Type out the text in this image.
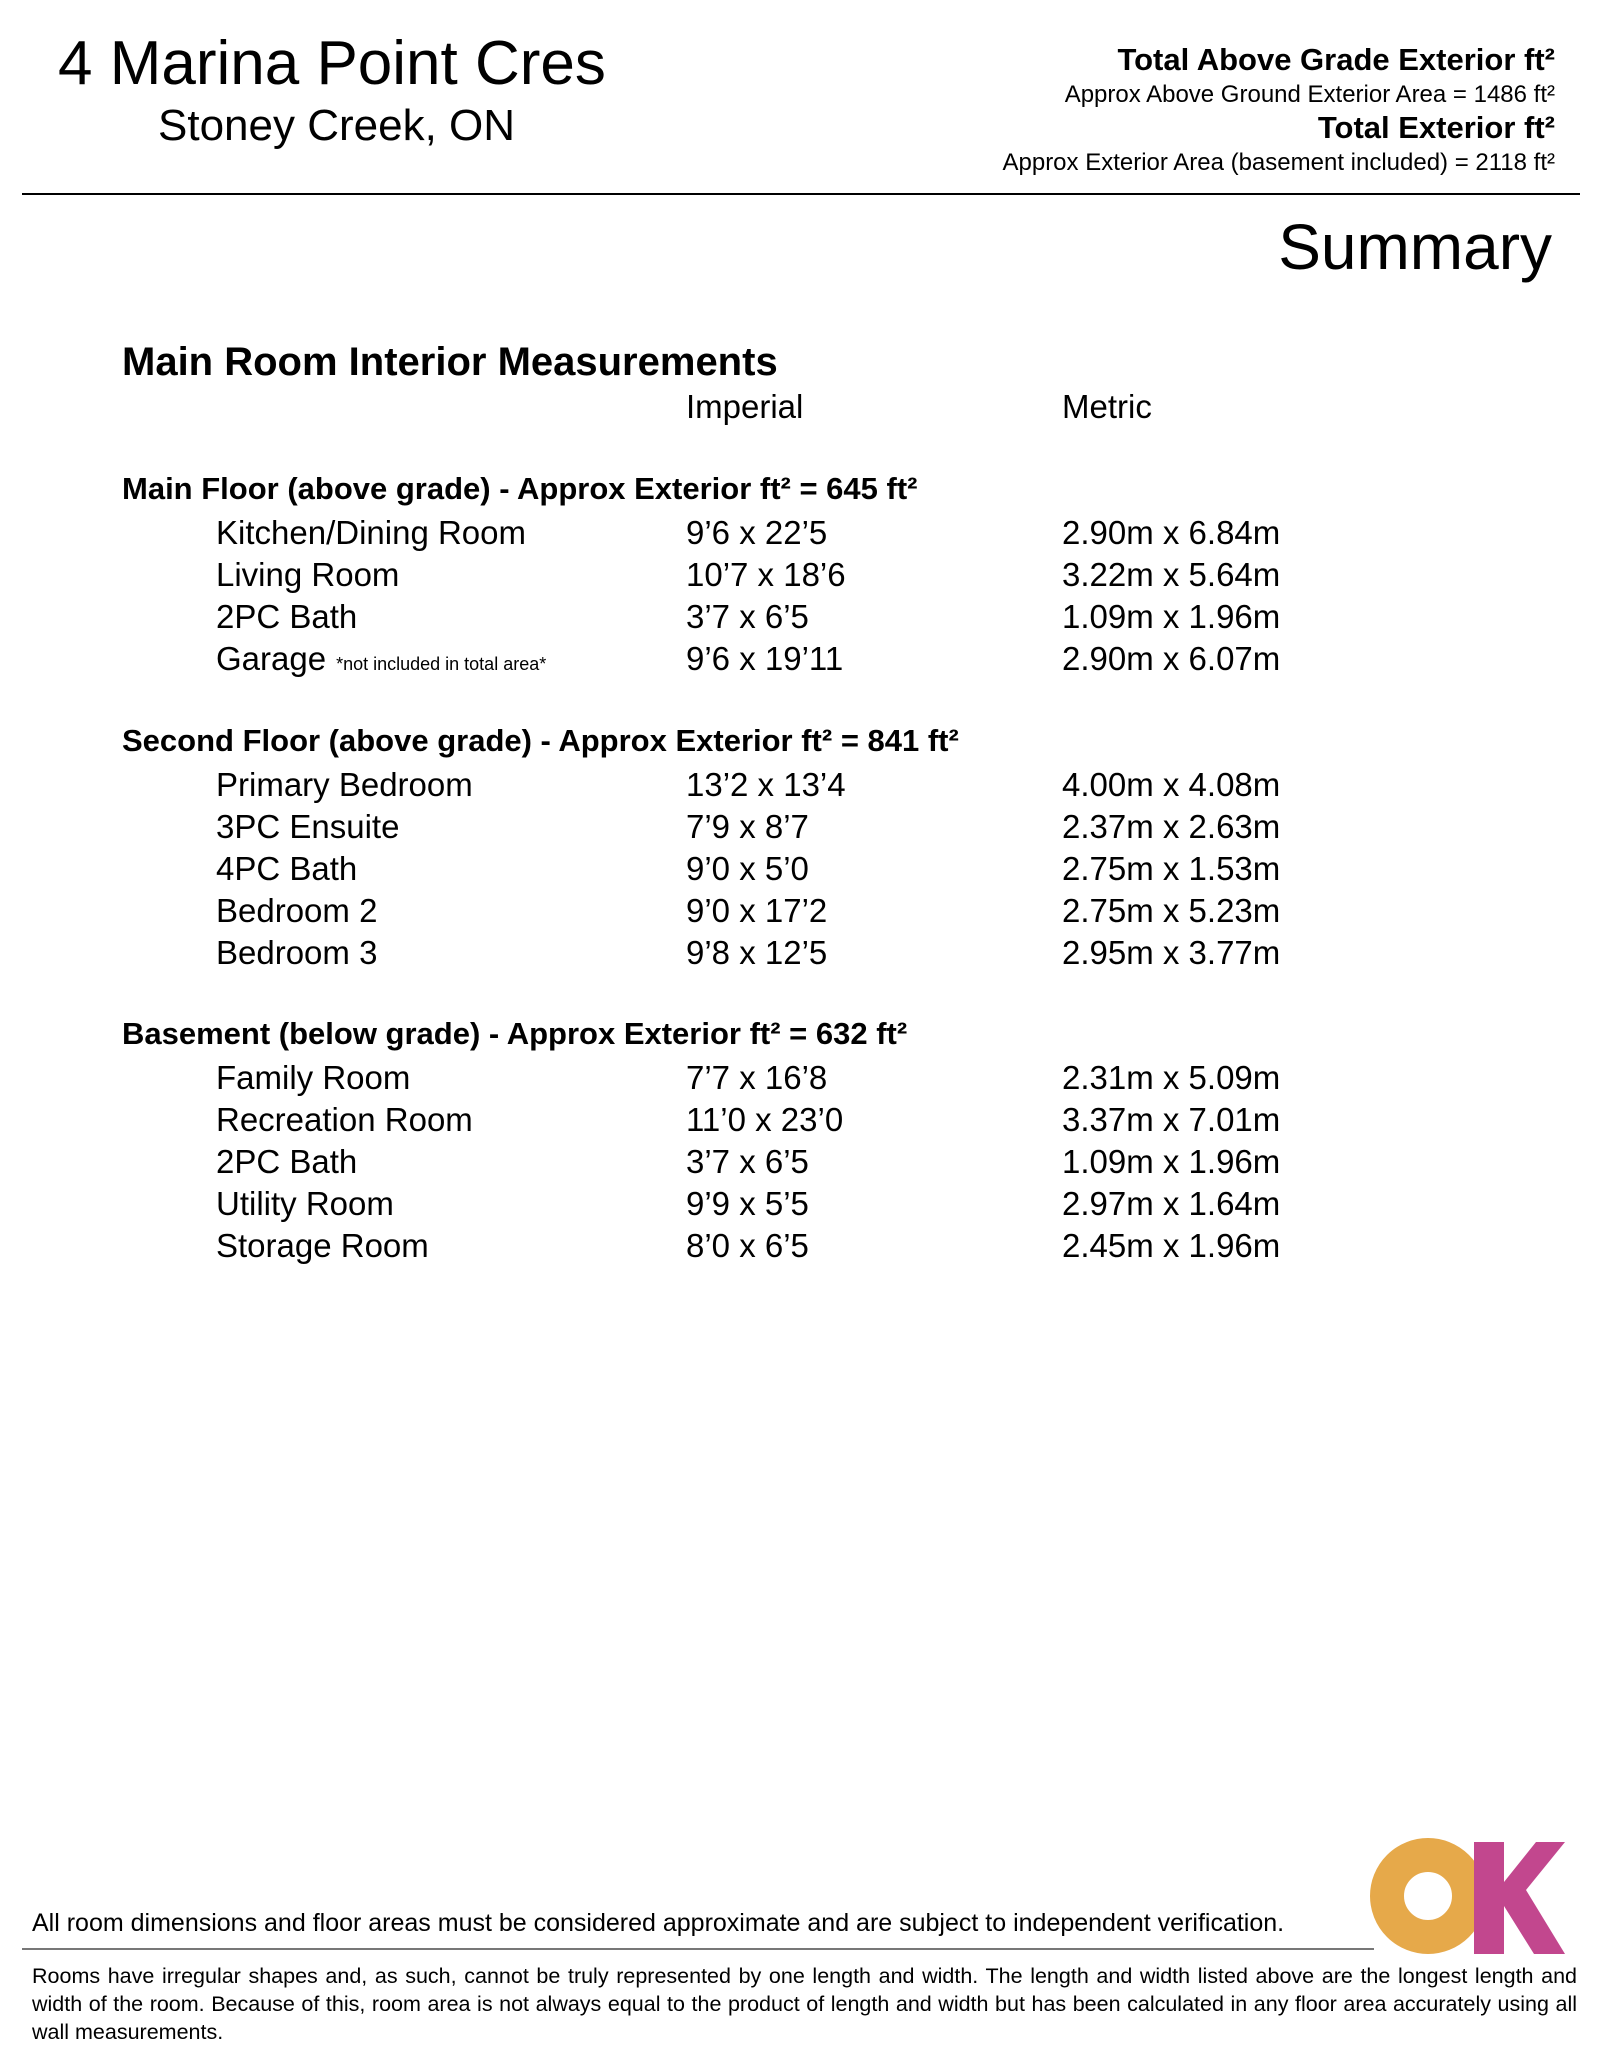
4 Marina Point Cres
Stoney Creek, ON
Total Above Grade Exterior ft²
Approx Above Ground Exterior Area = 1486 ft²
Total Exterior ft²
Approx Exterior Area (basement included) = 2118 ft²
Summary
Main Room Interior Measurements
Imperial	Metric
Main Floor (above grade) - Approx Exterior ft² = 645 ft²
Kitchen/Dining Room	9’6 x 22’5	2.90m x 6.84m
Living Room	10’7 x 18’6	3.22m x 5.64m
2PC Bath	3’7 x 6’5	1.09m x 1.96m
Garage *not included in total area*	9’6 x 19’11	2.90m x 6.07m
Second Floor (above grade) - Approx Exterior ft² = 841 ft²
Primary Bedroom	13’2 x 13’4	4.00m x 4.08m
3PC Ensuite	7’9 x 8’7	2.37m x 2.63m
4PC Bath	9’0 x 5’0	2.75m x 1.53m
Bedroom 2	9’0 x 17’2	2.75m x 5.23m
Bedroom 3	9’8 x 12’5	2.95m x 3.77m
Basement (below grade) - Approx Exterior ft² = 632 ft²
Family Room	7’7 x 16’8	2.31m x 5.09m
Recreation Room	11’0 x 23’0	3.37m x 7.01m
2PC Bath	3’7 x 6’5	1.09m x 1.96m
Utility Room	9’9 x 5’5	2.97m x 1.64m
Storage Room	8’0 x 6’5	2.45m x 1.96m
All room dimensions and floor areas must be considered approximate and are subject to independent verification.
Rooms have irregular shapes and, as such, cannot be truly represented by one length and width. The length and width listed above are the longest length and width of the room. Because of this, room area is not always equal to the product of length and width but has been calculated in any floor area accurately using all wall measurements.
